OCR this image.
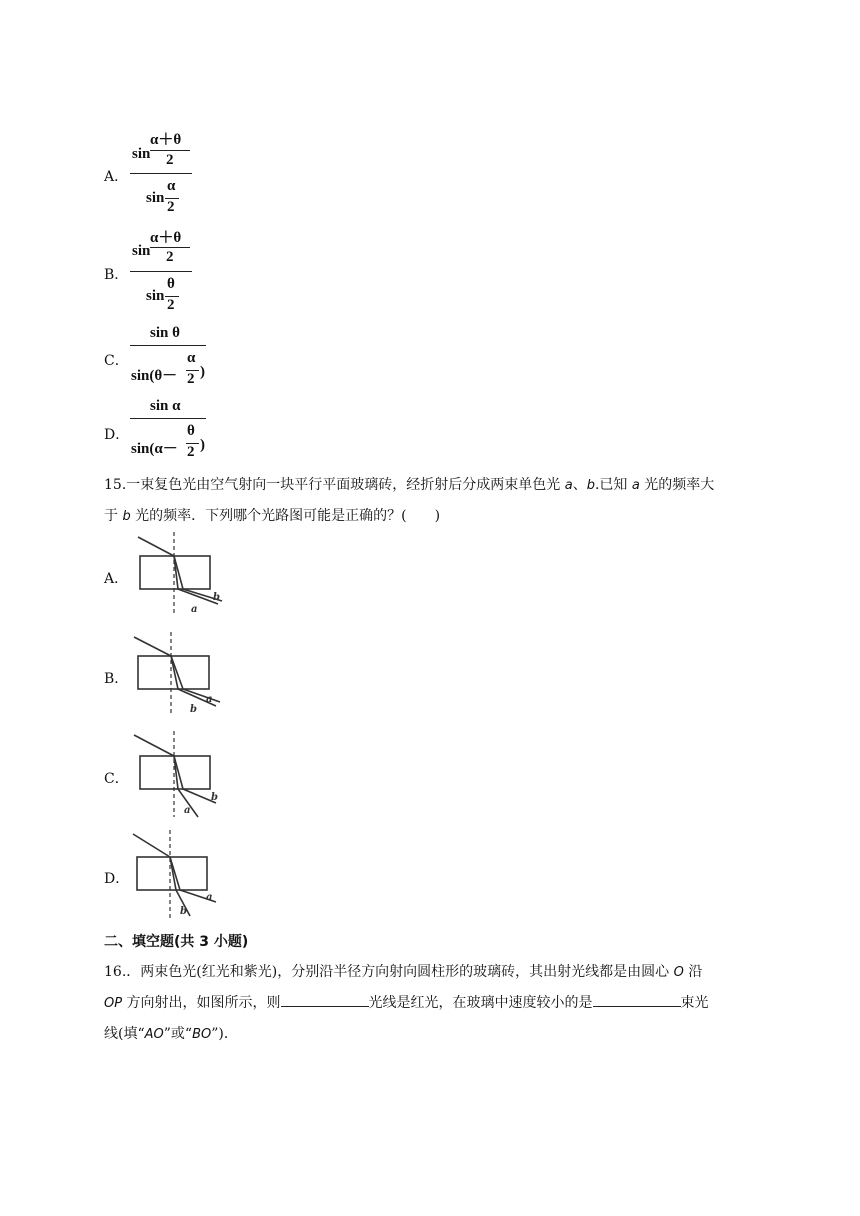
A．
sin
α＋θ
2
sin
α
2
B．
sin
α＋θ
2
sin
θ
2
C．
sin θ
sin(θ－
α
2 )
D．
sin α
sin(α－
θ
2 )
15.一束复色光由空气射向一块平行平面玻璃砖，经折射后分成两束单色光 a、b.已知 a 光的频率大
于 b 光的频率．下列哪个光路图可能是正确的？(　　)
A．
b
a
B．
a
b
C．
b
a
D．
a
b
二、填空题(共 3 小题)
16.．两束色光(红光和紫光)，分别沿半径方向射向圆柱形的玻璃砖，其出射光线都是由圆心 O 沿
OP 方向射出，如图所示，则	光线是红光，在玻璃中速度较小的是	束光
线(填“AO”或“BO”)．
